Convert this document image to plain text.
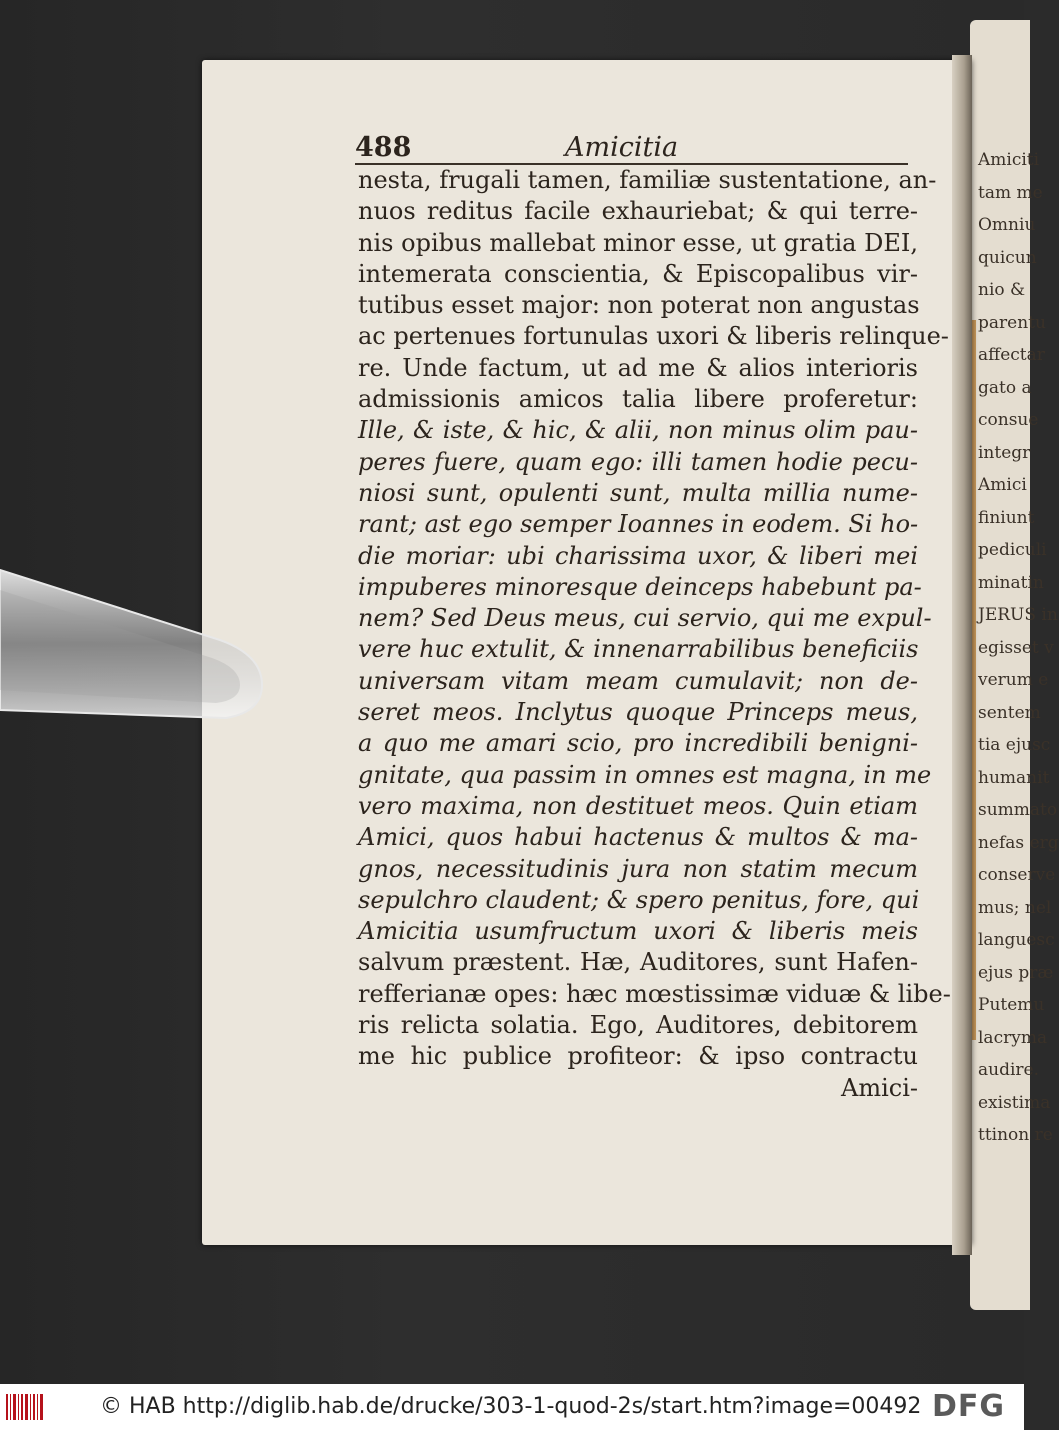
Amiciti
tam me
Omniu
quicun
nio &
parentu
affectar
gato a
consue
integr
Amici
finiunt
pediculi
minatin
JERUS in
egisset v
verum e
sentem
tia ejusc
humanit
summato
nefas erg
conserve
mus; nel
languesc
ejus præ
Putemu
lacryma
audire.
existima
ttinon re
488	Amicitia
nesta, frugali tamen, familiæ sustentatione, an-
nuos reditus facile exhauriebat; & qui terre-
nis opibus mallebat minor esse, ut gratia DEI,
intemerata conscientia, & Episcopalibus vir-
tutibus esset major: non poterat non angustas
ac pertenues fortunulas uxori & liberis relinque-
re. Unde factum, ut ad me & alios interioris
admissionis amicos talia libere proferetur:
Ille, & iste, & hic, & alii, non minus olim pau-
peres fuere, quam ego: illi tamen hodie pecu-
niosi sunt, opulenti sunt, multa millia nume-
rant; ast ego semper Ioannes in eodem. Si ho-
die moriar: ubi charissima uxor, & liberi mei
impuberes minoresque deinceps habebunt pa-
nem? Sed Deus meus, cui servio, qui me expul-
vere huc extulit, & innenarrabilibus beneficiis
universam vitam meam cumulavit; non de-
seret meos. Inclytus quoque Princeps meus,
a quo me amari scio, pro incredibili benigni-
gnitate, qua passim in omnes est magna, in me
vero maxima, non destituet meos. Quin etiam
Amici, quos habui hactenus & multos & ma-
gnos, necessitudinis jura non statim mecum
sepulchro claudent; & spero penitus, fore, qui
Amicitia usumfructum uxori & liberis meis
salvum præstent. Hæ, Auditores, sunt Hafen-
refferianæ opes: hæc mœstissimæ viduæ & libe-
ris relicta solatia. Ego, Auditores, debitorem
me hic publice profiteor: & ipso contractu
Amici-
© HAB http://diglib.hab.de/drucke/303-1-quod-2s/start.htm?image=00492 DFG
